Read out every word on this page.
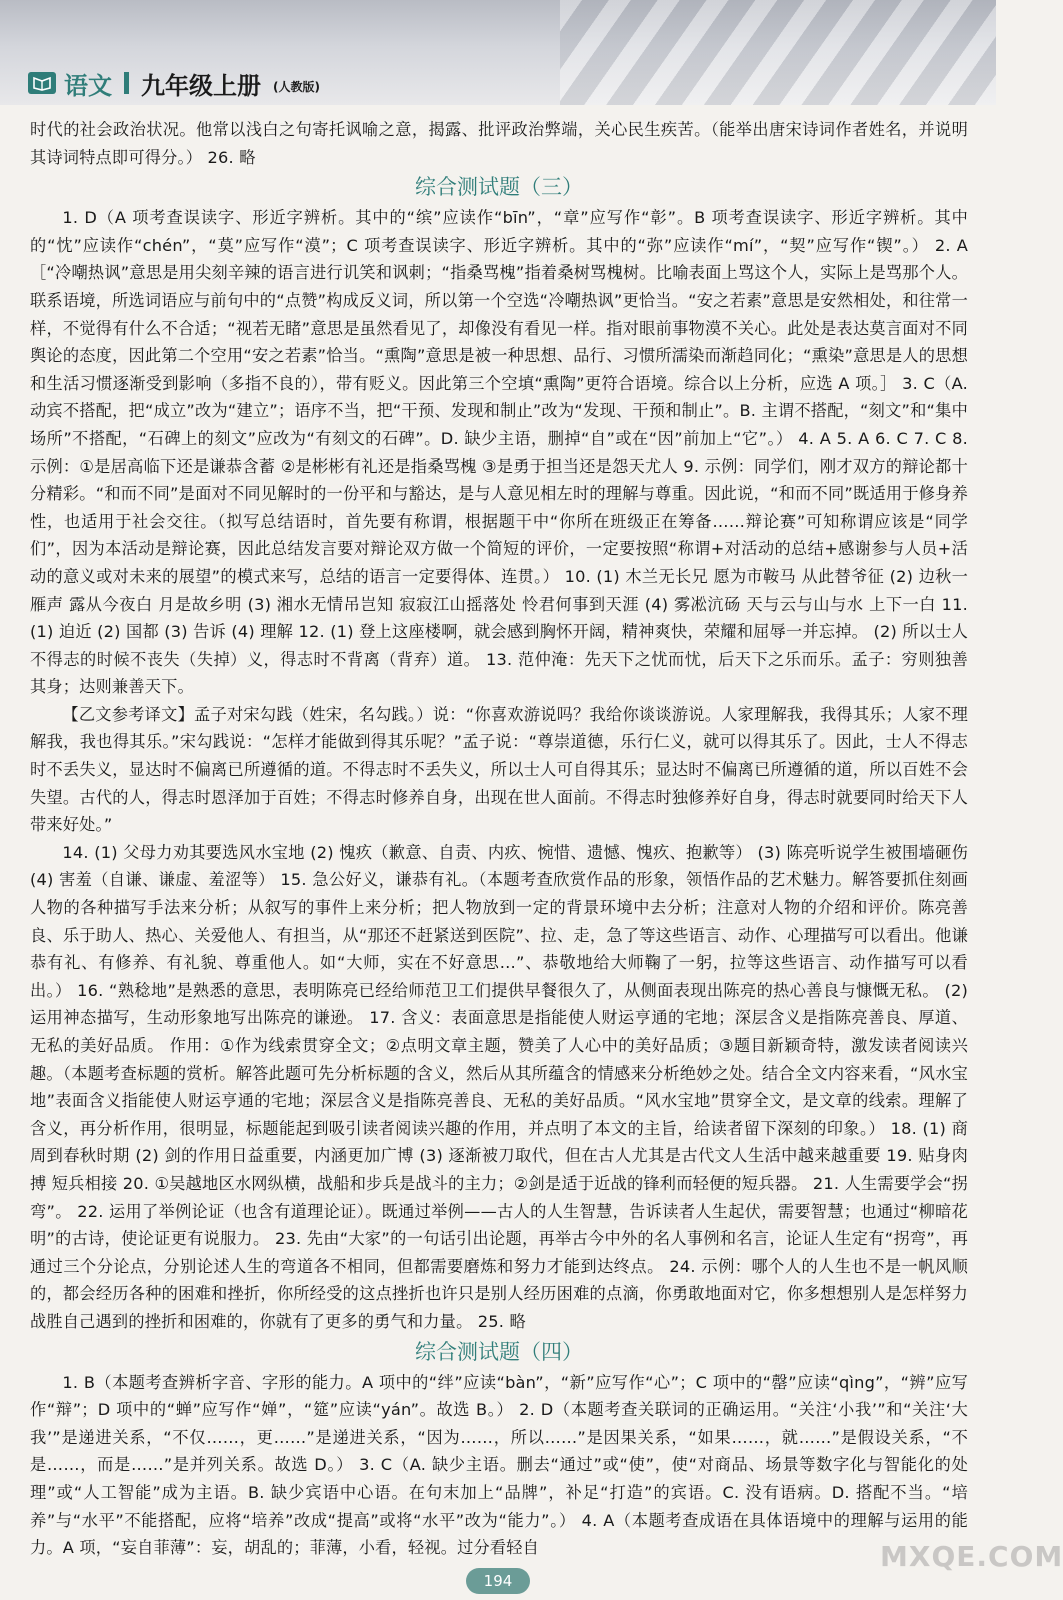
语文 九年级上册 (人教版)

时代的社会政治状况。他常以浅白之句寄托讽喻之意，揭露、批评政治弊端，关心民生疾苦。（能举出唐宋诗词作者姓名，并说明其诗词特点即可得分。） 26. 略

综合测试题（三）

1. D（A 项考查误读字、形近字辨析。其中的“缤”应读作“bīn”，“章”应写作“彰”。B 项考查误读字、形近字辨析。其中的“忱”应读作“chén”，“莫”应写作“漠”；C 项考查误读字、形近字辨析。其中的“弥”应读作“mí”，“契”应写作“锲”。） 2. A［“冷嘲热讽”意思是用尖刻辛辣的语言进行讥笑和讽刺；“指桑骂槐”指着桑树骂槐树。比喻表面上骂这个人，实际上是骂那个人。联系语境，所选词语应与前句中的“点赞”构成反义词，所以第一个空选“冷嘲热讽”更恰当。“安之若素”意思是安然相处，和往常一样，不觉得有什么不合适；“视若无睹”意思是虽然看见了，却像没有看见一样。指对眼前事物漠不关心。此处是表达莫言面对不同舆论的态度，因此第二个空用“安之若素”恰当。“熏陶”意思是被一种思想、品行、习惯所濡染而渐趋同化；“熏染”意思是人的思想和生活习惯逐渐受到影响（多指不良的），带有贬义。因此第三个空填“熏陶”更符合语境。综合以上分析，应选 A 项。］ 3. C（A. 动宾不搭配，把“成立”改为“建立”；语序不当，把“干预、发现和制止”改为“发现、干预和制止”。B. 主谓不搭配，“刻文”和“集中场所”不搭配，“石碑上的刻文”应改为“有刻文的石碑”。D. 缺少主语，删掉“自”或在“因”前加上“它”。） 4. A 5. A 6. C 7. C 8. 示例：①是居高临下还是谦恭含蓄 ②是彬彬有礼还是指桑骂槐 ③是勇于担当还是怨天尤人 9. 示例：同学们，刚才双方的辩论都十分精彩。“和而不同”是面对不同见解时的一份平和与豁达，是与人意见相左时的理解与尊重。因此说，“和而不同”既适用于修身养性，也适用于社会交往。（拟写总结语时，首先要有称谓，根据题干中“你所在班级正在筹备……辩论赛”可知称谓应该是“同学们”，因为本活动是辩论赛，因此总结发言要对辩论双方做一个简短的评价，一定要按照“称谓+对活动的总结+感谢参与人员+活动的意义或对未来的展望”的模式来写，总结的语言一定要得体、连贯。） 10. (1) 木兰无长兄 愿为市鞍马 从此替爷征 (2) 边秋一雁声 露从今夜白 月是故乡明 (3) 湘水无情吊岂知 寂寂江山摇落处 怜君何事到天涯 (4) 雾凇沆砀 天与云与山与水 上下一白 11. (1) 迫近 (2) 国都 (3) 告诉 (4) 理解 12. (1) 登上这座楼啊，就会感到胸怀开阔，精神爽快，荣耀和屈辱一并忘掉。 (2) 所以士人不得志的时候不丧失（失掉）义，得志时不背离（背弃）道。 13. 范仲淹：先天下之忧而忧，后天下之乐而乐。孟子：穷则独善其身；达则兼善天下。

【乙文参考译文】孟子对宋勾践（姓宋，名勾践。）说：“你喜欢游说吗？我给你谈谈游说。人家理解我，我得其乐；人家不理解我，我也得其乐。”宋勾践说：“怎样才能做到得其乐呢？”孟子说：“尊崇道德，乐行仁义，就可以得其乐了。因此，士人不得志时不丢失义，显达时不偏离已所遵循的道。不得志时不丢失义，所以士人可自得其乐；显达时不偏离已所遵循的道，所以百姓不会失望。古代的人，得志时恩泽加于百姓；不得志时修养自身，出现在世人面前。不得志时独修养好自身，得志时就要同时给天下人带来好处。”

14. (1) 父母力劝其要选风水宝地 (2) 愧疚（歉意、自责、内疚、惋惜、遗憾、愧疚、抱歉等） (3) 陈亮听说学生被围墙砸伤 (4) 害羞（自谦、谦虚、羞涩等） 15. 急公好义，谦恭有礼。（本题考查欣赏作品的形象，领悟作品的艺术魅力。解答要抓住刻画人物的各种描写手法来分析；从叙写的事件上来分析；把人物放到一定的背景环境中去分析；注意对人物的介绍和评价。陈亮善良、乐于助人、热心、关爱他人、有担当，从“那还不赶紧送到医院”、拉、走，急了等这些语言、动作、心理描写可以看出。他谦恭有礼、有修养、有礼貌、尊重他人。如“大师，实在不好意思…”、恭敬地给大师鞠了一躬，拉等这些语言、动作描写可以看出。） 16. “熟稔地”是熟悉的意思，表明陈亮已经给师范卫工们提供早餐很久了，从侧面表现出陈亮的热心善良与慷慨无私。 (2) 运用神态描写，生动形象地写出陈亮的谦逊。 17. 含义：表面意思是指能使人财运亨通的宅地；深层含义是指陈亮善良、厚道、无私的美好品质。 作用：①作为线索贯穿全文；②点明文章主题，赞美了人心中的美好品质；③题目新颖奇特，激发读者阅读兴趣。（本题考查标题的赏析。解答此题可先分析标题的含义，然后从其所蕴含的情感来分析绝妙之处。结合全文内容来看，“风水宝地”表面含义指能使人财运亨通的宅地；深层含义是指陈亮善良、无私的美好品质。“风水宝地”贯穿全文，是文章的线索。理解了含义，再分析作用，很明显，标题能起到吸引读者阅读兴趣的作用，并点明了本文的主旨，给读者留下深刻的印象。） 18. (1) 商周到春秋时期 (2) 剑的作用日益重要，内涵更加广博 (3) 逐渐被刀取代，但在古人尤其是古代文人生活中越来越重要 19. 贴身肉搏 短兵相接 20. ①吴越地区水网纵横，战船和步兵是战斗的主力；②剑是适于近战的锋利而轻便的短兵器。 21. 人生需要学会“拐弯”。 22. 运用了举例论证（也含有道理论证）。既通过举例——古人的人生智慧，告诉读者人生起伏，需要智慧；也通过“柳暗花明”的古诗，使论证更有说服力。 23. 先由“大家”的一句话引出论题，再举古今中外的名人事例和名言，论证人生定有“拐弯”，再通过三个分论点，分别论述人生的弯道各不相同，但都需要磨炼和努力才能到达终点。 24. 示例：哪个人的人生也不是一帆风顺的，都会经历各种的困难和挫折，你所经受的这点挫折也许只是别人经历困难的点滴，你勇敢地面对它，你多想想别人是怎样努力战胜自己遇到的挫折和困难的，你就有了更多的勇气和力量。 25. 略

综合测试题（四）

1. B（本题考查辨析字音、字形的能力。A 项中的“绊”应读“bàn”，“新”应写作“心”；C 项中的“罄”应读“qìng”，“辨”应写作“辩”；D 项中的“蝉”应写作“婵”，“筵”应读“yán”。故选 B。） 2. D（本题考查关联词的正确运用。“关注‘小我’”和“关注‘大我’”是递进关系，“不仅……，更……”是递进关系，“因为……，所以……”是因果关系，“如果……，就……”是假设关系，“不是……，而是……”是并列关系。故选 D。） 3. C（A. 缺少主语。删去“通过”或“使”，使“对商品、场景等数字化与智能化的处理”或“人工智能”成为主语。B. 缺少宾语中心语。在句末加上“品牌”，补足“打造”的宾语。C. 没有语病。D. 搭配不当。“培养”与“水平”不能搭配，应将“培养”改成“提高”或将“水平”改为“能力”。） 4. A（本题考查成语在具体语境中的理解与运用的能力。A 项，“妄自菲薄”：妄，胡乱的；菲薄，小看，轻视。过分看轻自

194
MXQE.COM
